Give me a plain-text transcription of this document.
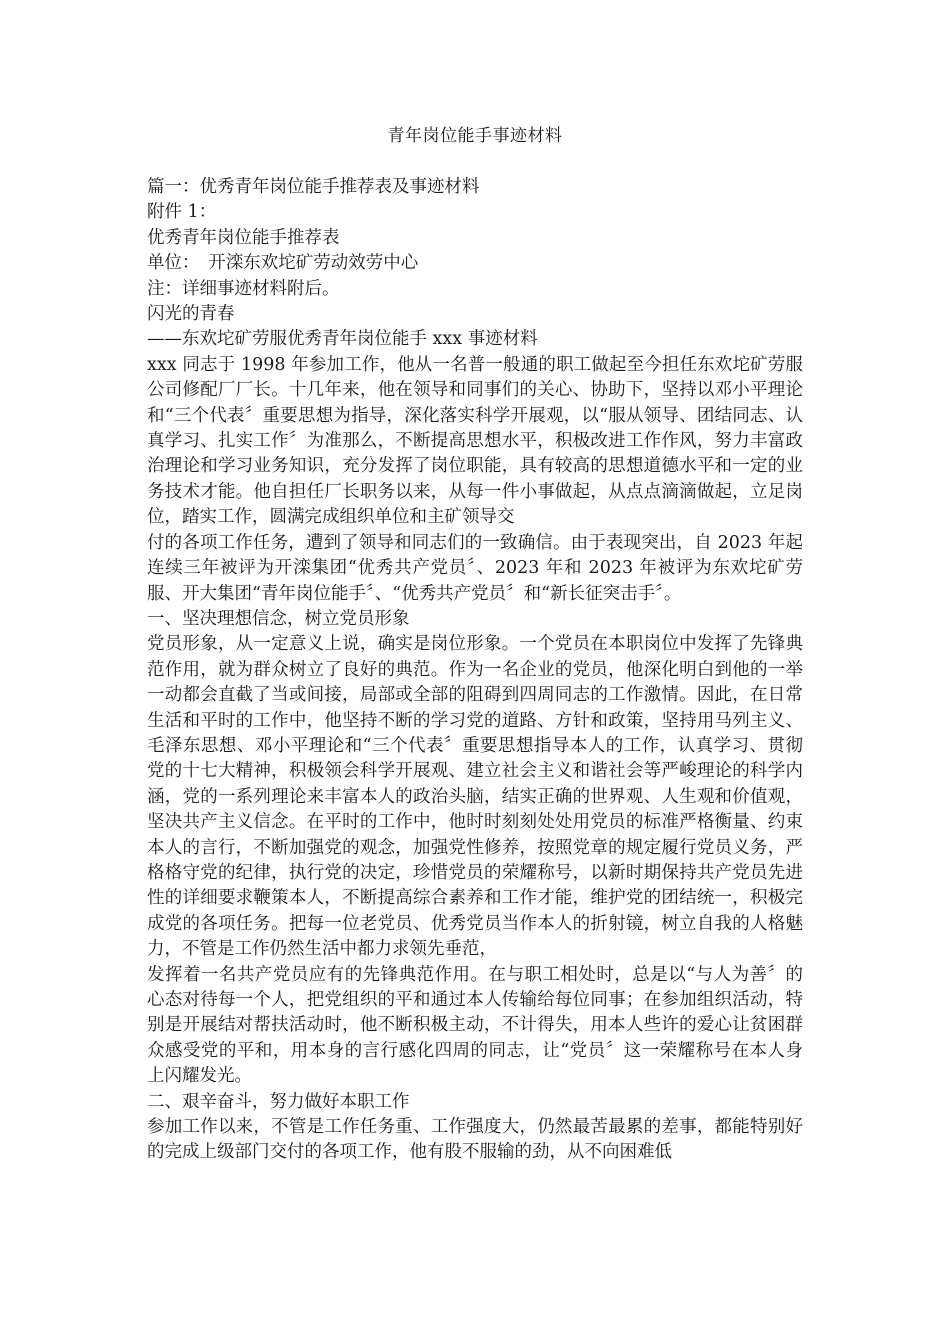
青年岗位能手事迹材料

篇一：优秀青年岗位能手推荐表及事迹材料

附件 1：

优秀青年岗位能手推荐表

单位：　开滦东欢坨矿劳动效劳中心

注：详细事迹材料附后。

闪光的青春

——东欢坨矿劳服优秀青年岗位能手 xxx 事迹材料

xxx 同志于 1998 年参加工作，他从一名普一般通的职工做起至今担任东欢坨矿劳服公司修配厂厂长。十几年来，他在领导和同事们的关心、协助下，坚持以邓小平理论和“三个代表〞重要思想为指导，深化落实科学开展观，以“服从领导、团结同志、认真学习、扎实工作〞为准那么，不断提高思想水平，积极改进工作作风，努力丰富政治理论和学习业务知识，充分发挥了岗位职能，具有较高的思想道德水平和一定的业务技术才能。他自担任厂长职务以来，从每一件小事做起，从点点滴滴做起，立足岗位，踏实工作，圆满完成组织单位和主矿领导交

付的各项工作任务，遭到了领导和同志们的一致确信。由于表现突出，自 2023 年起连续三年被评为开滦集团“优秀共产党员〞、2023 年和 2023 年被评为东欢坨矿劳服、开大集团“青年岗位能手〞、“优秀共产党员〞和“新长征突击手〞。

一、坚决理想信念，树立党员形象

党员形象，从一定意义上说，确实是岗位形象。一个党员在本职岗位中发挥了先锋典范作用，就为群众树立了良好的典范。作为一名企业的党员，他深化明白到他的一举一动都会直截了当或间接，局部或全部的阻碍到四周同志的工作激情。因此，在日常生活和平时的工作中，他坚持不断的学习党的道路、方针和政策，坚持用马列主义、毛泽东思想、邓小平理论和“三个代表〞重要思想指导本人的工作，认真学习、贯彻党的十七大精神，积极领会科学开展观、建立社会主义和谐社会等严峻理论的科学内涵，党的一系列理论来丰富本人的政治头脑，结实正确的世界观、人生观和价值观，坚决共产主义信念。在平时的工作中，他时时刻刻处处用党员的标准严格衡量、约束本人的言行，不断加强党的观念，加强党性修养，按照党章的规定履行党员义务，严格格守党的纪律，执行党的决定，珍惜党员的荣耀称号，以新时期保持共产党员先进性的详细要求鞭策本人，不断提高综合素养和工作才能，维护党的团结统一，积极完成党的各项任务。把每一位老党员、优秀党员当作本人的折射镜，树立自我的人格魅力，不管是工作仍然生活中都力求领先垂范，

发挥着一名共产党员应有的先锋典范作用。在与职工相处时，总是以“与人为善〞的心态对待每一个人，把党组织的平和通过本人传输给每位同事；在参加组织活动，特别是开展结对帮扶活动时，他不断积极主动，不计得失，用本人些许的爱心让贫困群众感受党的平和，用本身的言行感化四周的同志，让“党员〞这一荣耀称号在本人身上闪耀发光。

二、艰辛奋斗，努力做好本职工作

参加工作以来，不管是工作任务重、工作强度大，仍然最苦最累的差事，都能特别好的完成上级部门交付的各项工作，他有股不服输的劲，从不向困难低
